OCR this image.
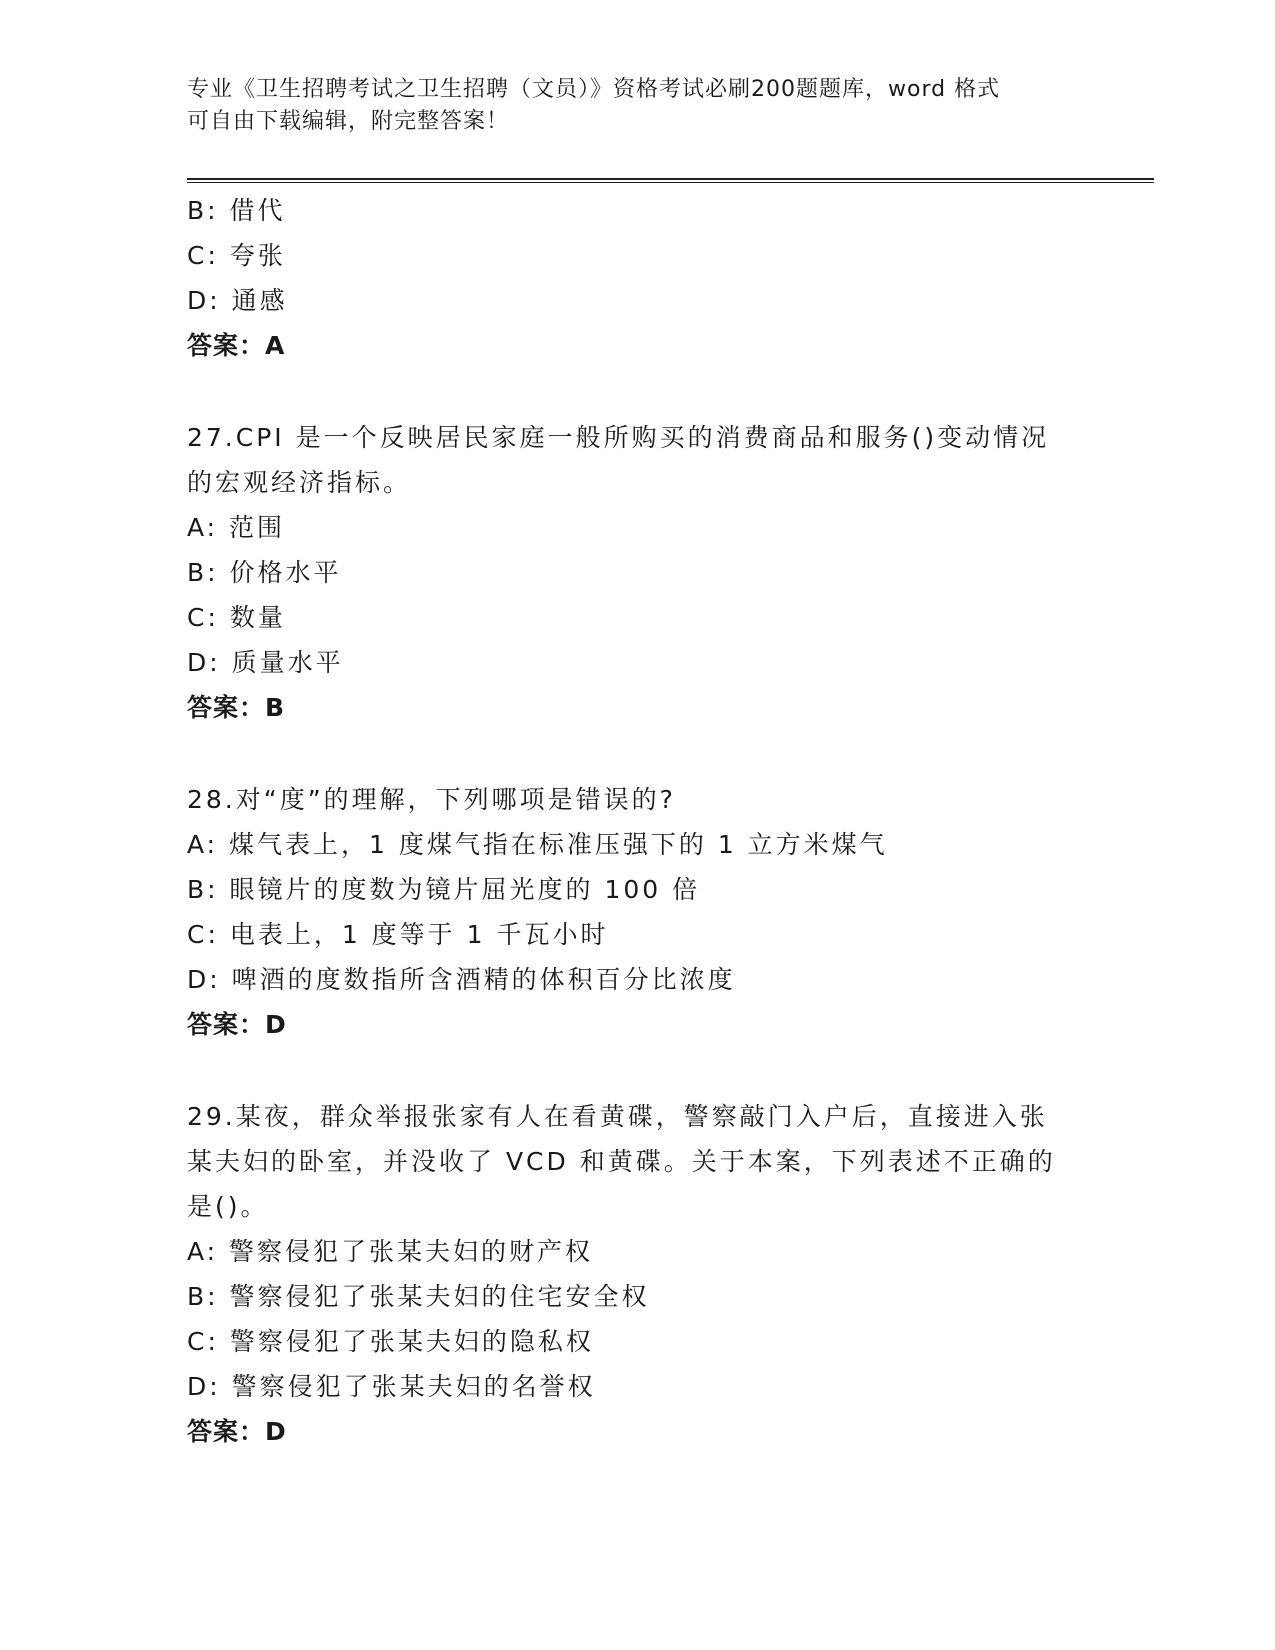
专业《卫生招聘考试之卫生招聘（文员）》资格考试必刷200题题库，word 格式
可自由下载编辑，附完整答案！
B: 借代
C: 夸张
D: 通感
答案：A
27.CPI 是一个反映居民家庭一般所购买的消费商品和服务()变动情况
的宏观经济指标。
A: 范围
B: 价格水平
C: 数量
D: 质量水平
答案：B
28.对“度”的理解，下列哪项是错误的?
A: 煤气表上，1 度煤气指在标准压强下的 1 立方米煤气
B: 眼镜片的度数为镜片屈光度的 100 倍
C: 电表上，1 度等于 1 千瓦小时
D: 啤酒的度数指所含酒精的体积百分比浓度
答案：D
29.某夜，群众举报张家有人在看黄碟，警察敲门入户后，直接进入张
某夫妇的卧室，并没收了 VCD 和黄碟。关于本案，下列表述不正确的
是()。
A: 警察侵犯了张某夫妇的财产权
B: 警察侵犯了张某夫妇的住宅安全权
C: 警察侵犯了张某夫妇的隐私权
D: 警察侵犯了张某夫妇的名誉权
答案：D
